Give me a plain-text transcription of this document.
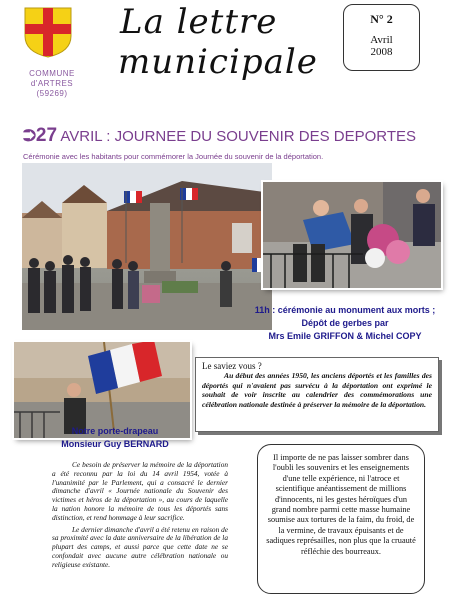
COMMUNE
d'ARTRES
(59269)
La lettre
municipale
N° 2
Avril
2008
⮊27 AVRIL : JOURNEE DU SOUVENIR DES DEPORTES
Cérémonie avec les habitants pour commémorer la Journée du souvenir de la déportation.
11h : cérémonie au monument aux morts ;
Dépôt de gerbes par
Mrs Emile GRIFFON & Michel COPY
Notre porte-drapeau
Monsieur Guy BERNARD
Le saviez vous ?
Au début des années 1950, les anciens déportés et les familles des déportés qui n'avaient pas survécu à la déportation ont exprimé le souhait de voir inscrite au calendrier des commémorations une célébration nationale destinée à préserver la mémoire de la déportation.

Ce besoin de préserver la mémoire de la déportation a été reconnu par la loi du 14 avril 1954, votée à l'unanimité par le Parlement, qui a consacré le dernier dimanche d'avril « Journée nationale du Souvenir des victimes et héros de la déportation », au cours de laquelle la nation honore la mémoire de tous les déportés sans distinction, et rend hommage à leur sacrifice.

Le dernier dimanche d'avril a été retenu en raison de sa proximité avec la date anniversaire de la libération de la plupart des camps, et aussi parce que cette date ne se confondait avec aucune autre célébration nationale ou religieuse existante.

Il importe de ne pas laisser sombrer dans l'oubli les souvenirs et les enseignements d'une telle expérience, ni l'atroce et scientifique anéantissement de millions d'innocents, ni les gestes héroïques d'un grand nombre parmi cette masse humaine soumise aux tortures de la faim, du froid, de la vermine, de travaux épuisants et de sadiques représailles, non plus que la cruauté réfléchie des bourreaux.
